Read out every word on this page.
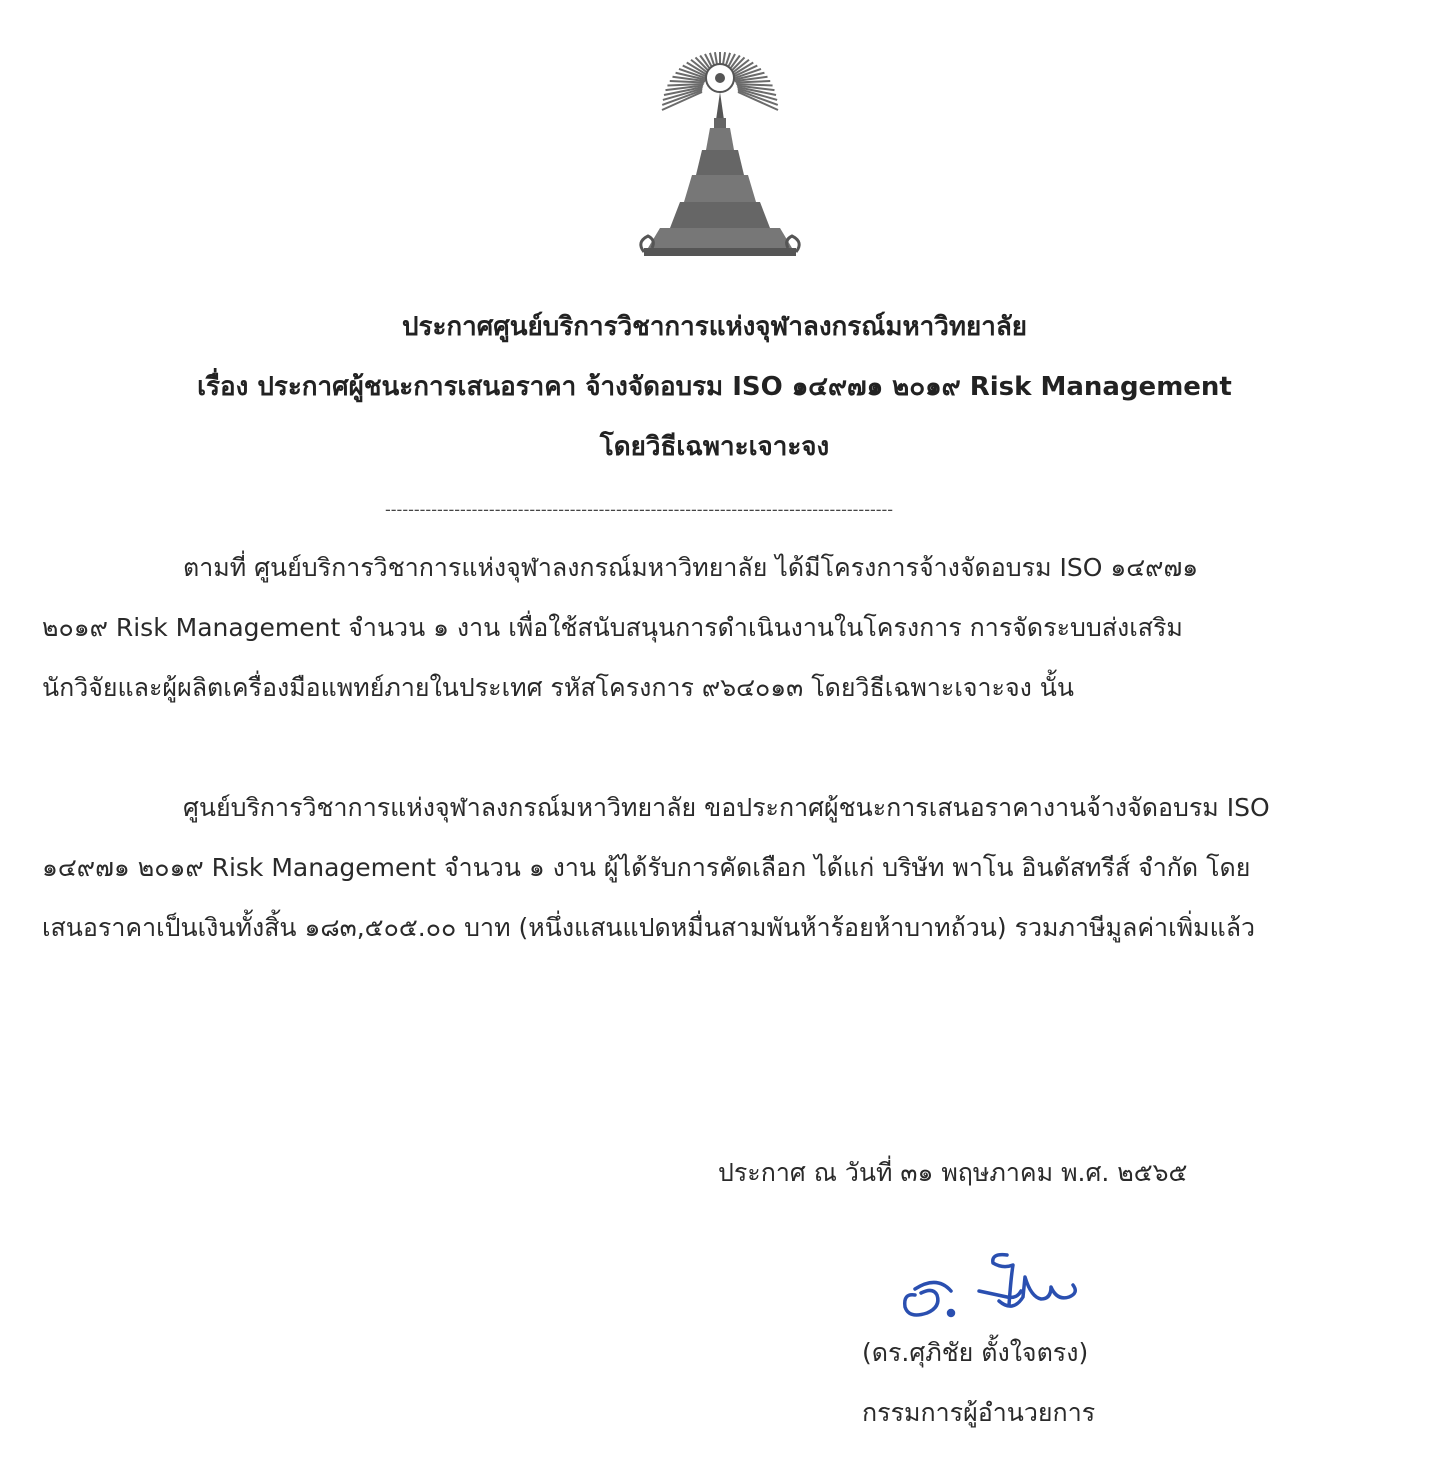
ประกาศศูนย์บริการวิชาการแห่งจุฬาลงกรณ์มหาวิทยาลัย
เรื่อง ประกาศผู้ชนะการเสนอราคา จ้างจัดอบรม ISO ๑๔๙๗๑ ๒๐๑๙ Risk Management
โดยวิธีเฉพาะเจาะจง
----------------------------------------------------------------------------------------
ตามที่ ศูนย์บริการวิชาการแห่งจุฬาลงกรณ์มหาวิทยาลัย ได้มีโครงการจ้างจัดอบรม ISO ๑๔๙๗๑
๒๐๑๙ Risk Management จำนวน ๑ งาน เพื่อใช้สนับสนุนการดำเนินงานในโครงการ การจัดระบบส่งเสริม
นักวิจัยและผู้ผลิตเครื่องมือแพทย์ภายในประเทศ รหัสโครงการ ๙๖๔๐๑๓ โดยวิธีเฉพาะเจาะจง นั้น
ศูนย์บริการวิชาการแห่งจุฬาลงกรณ์มหาวิทยาลัย ขอประกาศผู้ชนะการเสนอราคางานจ้างจัดอบรม ISO
๑๔๙๗๑ ๒๐๑๙ Risk Management จำนวน ๑ งาน ผู้ได้รับการคัดเลือก ได้แก่ บริษัท พาโน อินดัสทรีส์ จำกัด โดย
เสนอราคาเป็นเงินทั้งสิ้น ๑๘๓,๕๐๕.๐๐ บาท (หนึ่งแสนแปดหมื่นสามพันห้าร้อยห้าบาทถ้วน) รวมภาษีมูลค่าเพิ่มแล้ว
ประกาศ ณ วันที่ ๓๑ พฤษภาคม พ.ศ. ๒๕๖๕
(ดร.ศุภิชัย ตั้งใจตรง)
กรรมการผู้อำนวยการ
